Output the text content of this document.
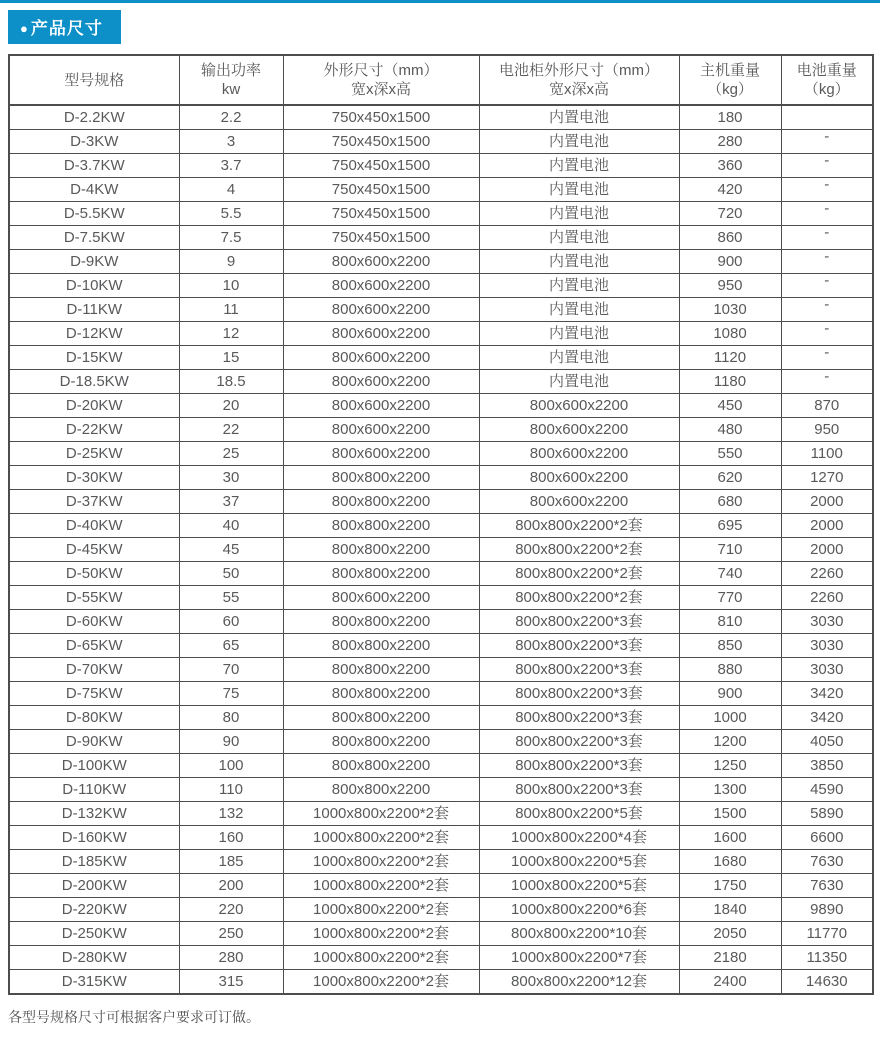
● 产品尺寸
型号规格

输出功率
kw

外形尺寸（mm）
宽x深x高

电池柜外形尺寸（mm）
宽x深x高

主机重量
（kg）

电池重量
（kg）

D-2.2KW	2.2	750x450x1500	内置电池	180	
D-3KW	3	750x450x1500	内置电池	280	-
D-3.7KW	3.7	750x450x1500	内置电池	360	-
D-4KW	4	750x450x1500	内置电池	420	-
D-5.5KW	5.5	750x450x1500	内置电池	720	-
D-7.5KW	7.5	750x450x1500	内置电池	860	-
D-9KW	9	800x600x2200	内置电池	900	-
D-10KW	10	800x600x2200	内置电池	950	-
D-11KW	11	800x600x2200	内置电池	1030	-
D-12KW	12	800x600x2200	内置电池	1080	-
D-15KW	15	800x600x2200	内置电池	1120	-
D-18.5KW	18.5	800x600x2200	内置电池	1180	-
D-20KW	20	800x600x2200	800x600x2200	450	870
D-22KW	22	800x600x2200	800x600x2200	480	950
D-25KW	25	800x600x2200	800x600x2200	550	1100
D-30KW	30	800x800x2200	800x600x2200	620	1270
D-37KW	37	800x800x2200	800x600x2200	680	2000
D-40KW	40	800x800x2200	800x800x2200*2套	695	2000
D-45KW	45	800x800x2200	800x800x2200*2套	710	2000
D-50KW	50	800x800x2200	800x800x2200*2套	740	2260
D-55KW	55	800x600x2200	800x800x2200*2套	770	2260
D-60KW	60	800x800x2200	800x800x2200*3套	810	3030
D-65KW	65	800x800x2200	800x800x2200*3套	850	3030
D-70KW	70	800x800x2200	800x800x2200*3套	880	3030
D-75KW	75	800x800x2200	800x800x2200*3套	900	3420
D-80KW	80	800x800x2200	800x800x2200*3套	1000	3420
D-90KW	90	800x800x2200	800x800x2200*3套	1200	4050
D-100KW	100	800x800x2200	800x800x2200*3套	1250	3850
D-110KW	110	800x800x2200	800x800x2200*3套	1300	4590
D-132KW	132	1000x800x2200*2套	800x800x2200*5套	1500	5890
D-160KW	160	1000x800x2200*2套	1000x800x2200*4套	1600	6600
D-185KW	185	1000x800x2200*2套	1000x800x2200*5套	1680	7630
D-200KW	200	1000x800x2200*2套	1000x800x2200*5套	1750	7630
D-220KW	220	1000x800x2200*2套	1000x800x2200*6套	1840	9890
D-250KW	250	1000x800x2200*2套	800x800x2200*10套	2050	11770
D-280KW	280	1000x800x2200*2套	1000x800x2200*7套	2180	11350
D-315KW	315	1000x800x2200*2套	800x800x2200*12套	2400	14630
各型号规格尺寸可根据客户要求可订做。
